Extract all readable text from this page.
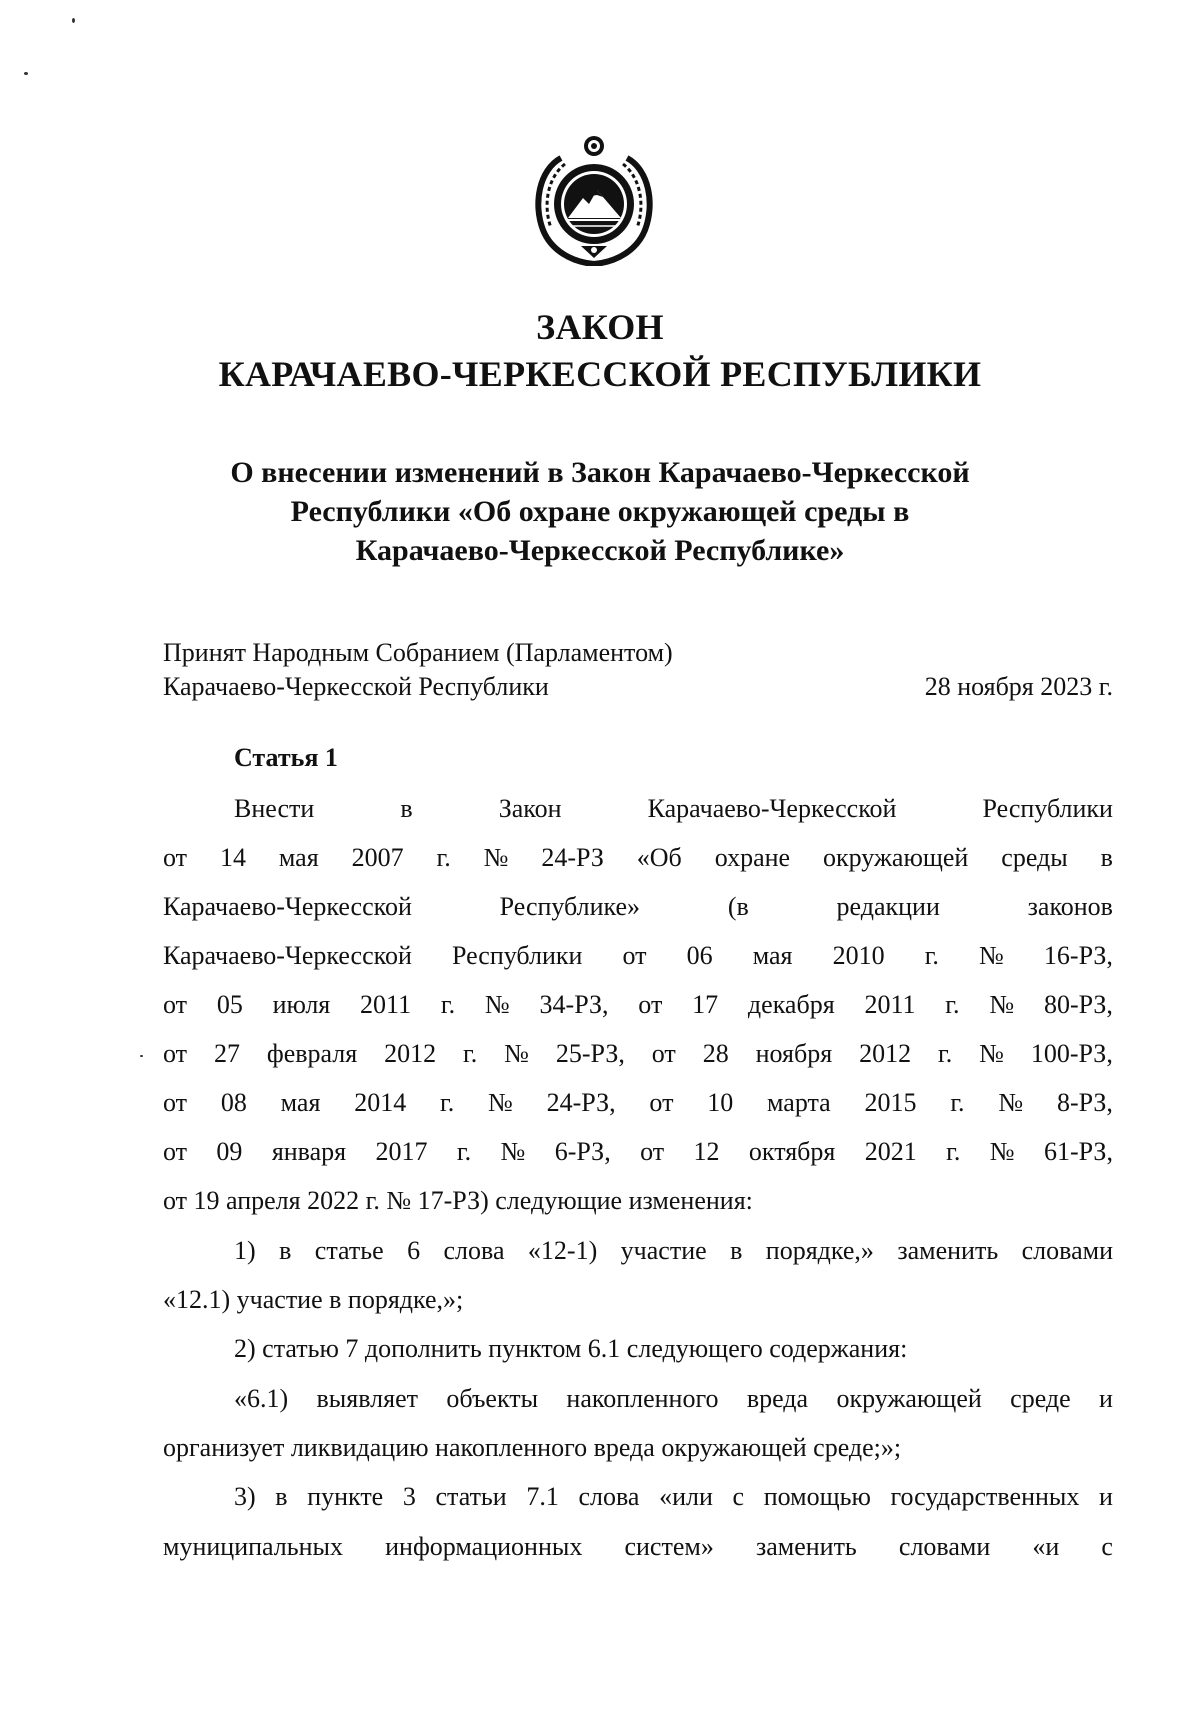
ЗАКОН
КАРАЧАЕВО-ЧЕРКЕССКОЙ РЕСПУБЛИКИ
О внесении изменений в Закон Карачаево-Черкесской
Республики «Об охране окружающей среды в
Карачаево-Черкесской Республике»
Принят Народным Собранием (Парламентом)
Карачаево-Черкесской Республики	28 ноября 2023 г.
Статья 1
Внести	в	Закон	Карачаево-Черкесской	Республики
от 14 мая 2007 г. № 24-РЗ «Об охране окружающей среды в
Карачаево-Черкесской	Республике»	(в	редакции	законов
Карачаево-Черкесской Республики от 06 мая 2010 г. № 16-РЗ,
от 05 июля 2011 г. № 34-РЗ, от 17 декабря 2011 г. № 80-РЗ,
от 27 февраля 2012 г. № 25-РЗ, от 28 ноября 2012 г. № 100-РЗ,
от 08 мая 2014 г. № 24-РЗ, от 10 марта 2015 г. № 8-РЗ,
от 09 января 2017 г. № 6-РЗ, от 12 октября 2021 г. № 61-РЗ,
от 19 апреля 2022 г. № 17-РЗ) следующие изменения:
1) в статье 6 слова «12-1) участие в порядке,» заменить словами
«12.1) участие в порядке,»;
2) статью 7 дополнить пунктом 6.1 следующего содержания:
«6.1) выявляет объекты накопленного вреда окружающей среде и
организует ликвидацию накопленного вреда окружающей среде;»;
3) в пункте 3 статьи 7.1 слова «или с помощью государственных и
муниципальных информационных систем» заменить словами «и с
